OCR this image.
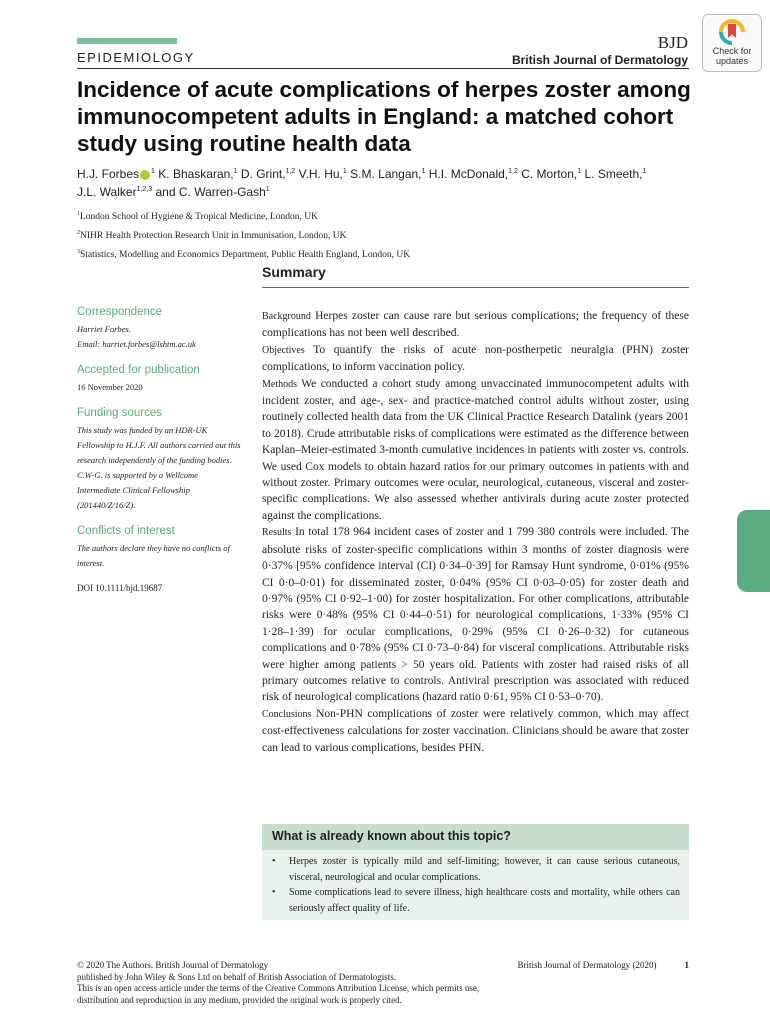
EPIDEMIOLOGY
BJD
British Journal of Dermatology
Check for
updates
Incidence of acute complications of herpes zoster among immunocompetent adults in England: a matched cohort study using routine health data
H.J. Forbes $^1$ K. Bhaskaran,$^1$ D. Grint,$^{1,2}$ V.H. Hu,$^1$ S.M. Langan,$^1$ H.I. McDonald,$^{1,2}$ C. Morton,$^1$ L. Smeeth,$^1$
J.L. Walker$^{1,2,3}$ and C. Warren-Gash$^1$
$^1$London School of Hygiene & Tropical Medicine, London, UK
$^2$NIHR Health Protection Research Unit in Immunisation, London, UK
$^3$Statistics, Modelling and Economics Department, Public Health England, London, UK
Summary
Correspondence
Harriet Forbes.
Email: harriet.forbes@lshtm.ac.uk
Accepted for publication
16 November 2020
Funding sources
This study was funded by an HDR-UK Fellowship to H.J.F. All authors carried out this research independently of the funding bodies. C.W-G. is supported by a Wellcome Intermediate Clinical Fellowship (201440/Z/16/Z).
Conflicts of interest
The authors declare they have no conflicts of interest.
DOI 10.1111/bjd.19687

Background Herpes zoster can cause rare but serious complications; the frequency of these complications has not been well described.

Objectives To quantify the risks of acute non-postherpetic neuralgia (PHN) zoster complications, to inform vaccination policy.

Methods We conducted a cohort study among unvaccinated immunocompetent adults with incident zoster, and age-, sex- and practice-matched control adults without zoster, using routinely collected health data from the UK Clinical Practice Research Datalink (years 2001 to 2018). Crude attributable risks of complications were estimated as the difference between Kaplan–Meier-estimated 3-month cumulative incidences in patients with zoster vs. controls. We used Cox models to obtain hazard ratios for our primary outcomes in patients with and without zoster. Primary outcomes were ocular, neurological, cutaneous, visceral and zoster-specific complications. We also assessed whether antivirals during acute zoster protected against the complications.

Results In total 178 964 incident cases of zoster and 1 799 380 controls were included. The absolute risks of zoster-specific complications within 3 months of zoster diagnosis were 0·37% [95% confidence interval (CI) 0·34–0·39] for Ramsay Hunt syndrome, 0·01% (95% CI 0·0–0·01) for disseminated zoster, 0·04% (95% CI 0·03–0·05) for zoster death and 0·97% (95% CI 0·92–1·00) for zoster hospitalization. For other complications, attributable risks were 0·48% (95% CI 0·44–0·51) for neurological complications, 1·33% (95% CI 1·28–1·39) for ocular complications, 0·29% (95% CI 0·26–0·32) for cutaneous complications and 0·78% (95% CI 0·73–0·84) for visceral complications. Attributable risks were higher among patients > 50 years old. Patients with zoster had raised risks of all primary outcomes relative to controls. Antiviral prescription was associated with reduced risk of neurological complications (hazard ratio 0·61, 95% CI 0·53–0·70).

Conclusions Non-PHN complications of zoster were relatively common, which may affect cost-effectiveness calculations for zoster vaccination. Clinicians should be aware that zoster can lead to various complications, besides PHN.

What is already known about this topic?
• Herpes zoster is typically mild and self-limiting; however, it can cause serious cutaneous, visceral, neurological and ocular complications.
• Some complications lead to severe illness, high healthcare costs and mortality, while others can seriously affect quality of life.
© 2020 The Authors. British Journal of Dermatology
published by John Wiley & Sons Ltd on behalf of British Association of Dermatologists.
This is an open access article under the terms of the Creative Commons Attribution License, which permits use,
distribution and reproduction in any medium, provided the original work is properly cited.
British Journal of Dermatology (2020)	1
